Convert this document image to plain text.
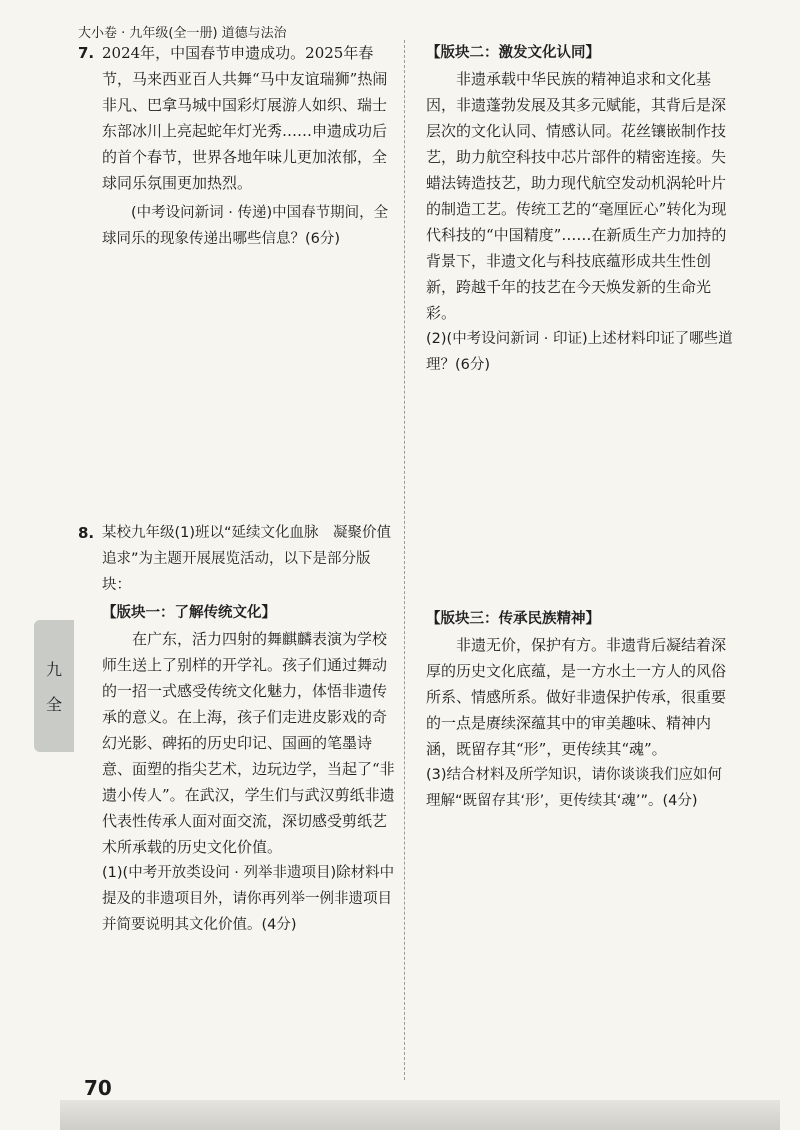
大小卷 · 九年级(全一册) 道德与法治
7. 2024年，中国春节申遗成功。2025年春节，马来西亚百人共舞“马中友谊瑞狮”热闹非凡、巴拿马城中国彩灯展游人如织、瑞士东部冰川上亮起蛇年灯光秀……申遗成功后的首个春节，世界各地年味儿更加浓郁，全球同乐氛围更加热烈。

(中考设问新词 · 传递)中国春节期间，全球同乐的现象传递出哪些信息？(6分)

8. 某校九年级(1)班以“延续文化血脉　凝聚价值追求”为主题开展展览活动，以下是部分版块：

【版块一：了解传统文化】

在广东，活力四射的舞麒麟表演为学校师生送上了别样的开学礼。孩子们通过舞动的一招一式感受传统文化魅力，体悟非遗传承的意义。在上海，孩子们走进皮影戏的奇幻光影、碑拓的历史印记、国画的笔墨诗意、面塑的指尖艺术，边玩边学，当起了“非遗小传人”。在武汉，学生们与武汉剪纸非遗代表性传承人面对面交流，深切感受剪纸艺术所承载的历史文化价值。

(1)(中考开放类设问 · 列举非遗项目)除材料中提及的非遗项目外，请你再列举一例非遗项目并简要说明其文化价值。(4分)

【版块二：激发文化认同】

非遗承载中华民族的精神追求和文化基因，非遗蓬勃发展及其多元赋能，其背后是深层次的文化认同、情感认同。花丝镶嵌制作技艺，助力航空科技中芯片部件的精密连接。失蜡法铸造技艺，助力现代航空发动机涡轮叶片的制造工艺。传统工艺的“毫厘匠心”转化为现代科技的“中国精度”……在新质生产力加持的背景下，非遗文化与科技底蕴形成共生性创新，跨越千年的技艺在今天焕发新的生命光彩。

(2)(中考设问新词 · 印证)上述材料印证了哪些道理？(6分)

【版块三：传承民族精神】

非遗无价，保护有方。非遗背后凝结着深厚的历史文化底蕴，是一方水土一方人的风俗所系、情感所系。做好非遗保护传承，很重要的一点是赓续深蕴其中的审美趣味、精神内涵，既留存其“形”，更传续其“魂”。

(3)结合材料及所学知识，请你谈谈我们应如何理解“既留存其‘形’，更传续其‘魂’”。(4分)

九
全
70
